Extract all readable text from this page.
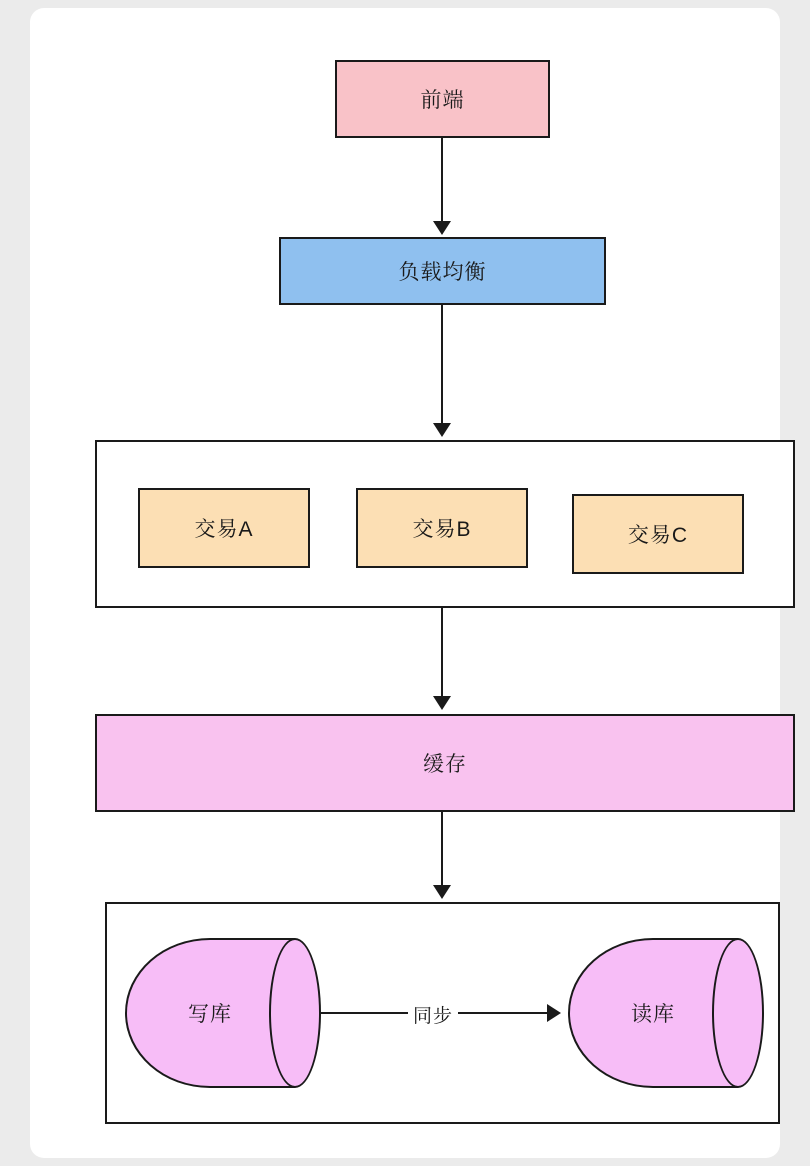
前端
负载均衡
交易A	交易B	交易C
缓存
写库	读库
同步
